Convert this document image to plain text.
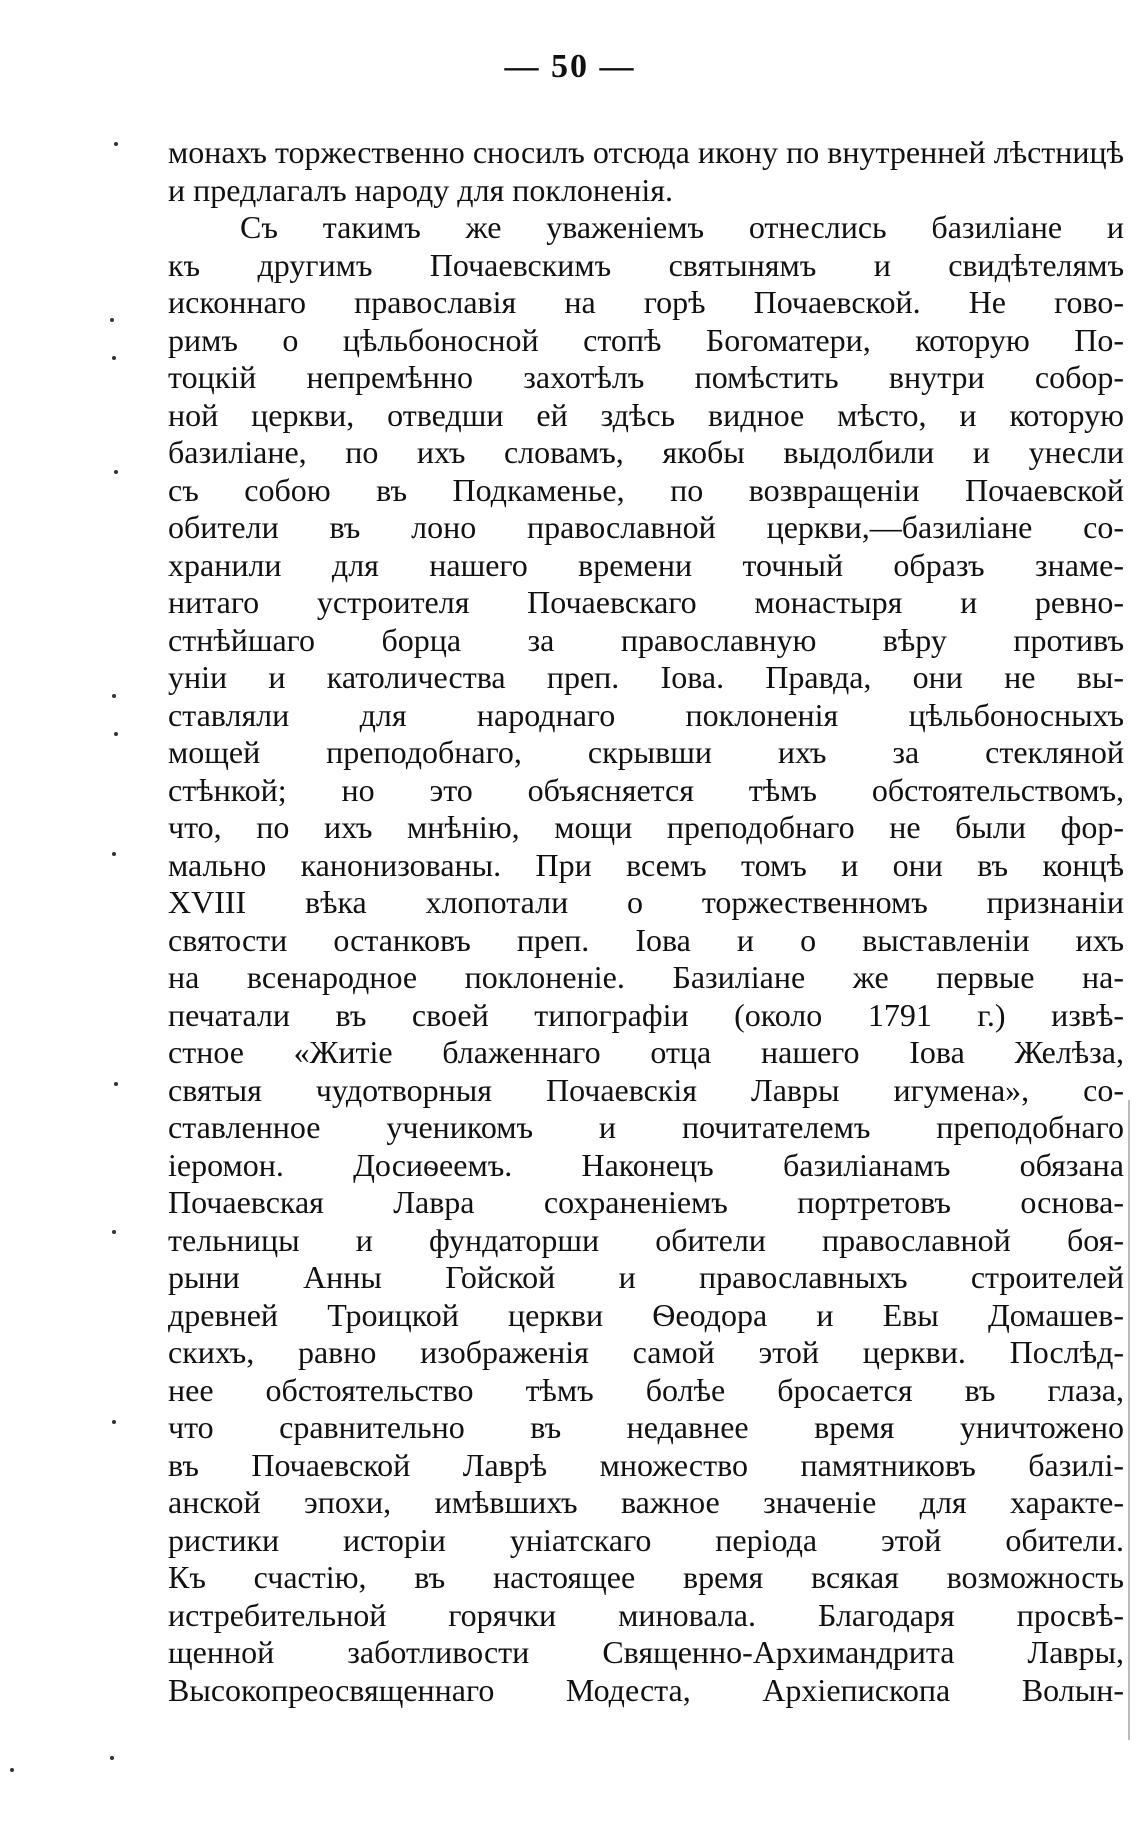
— 50 —
монахъ торжественно сносилъ отсюда икону по внутренней лѣстницѣ и предлагалъ народу для поклоненія.
Съ такимъ же уваженіемъ отнеслись базиліане и
къ другимъ Почаевскимъ святынямъ и свидѣтелямъ
исконнаго православія на горѣ Почаевской. Не гово-
римъ о цѣльбоносной стопѣ Богоматери, которую По-
тоцкій непремѣнно захотѣлъ помѣстить внутри собор-
ной церкви, отведши ей здѣсь видное мѣсто, и которую
базиліане, по ихъ словамъ, якобы выдолбили и унесли
съ собою въ Подкаменье, по возвращеніи Почаевской
обители въ лоно православной церкви,—базиліане со-
хранили для нашего времени точный образъ знаме-
нитаго устроителя Почаевскаго монастыря и ревно-
стнѣйшаго борца за православную вѣру противъ
уніи и католичества преп. Іова. Правда, они не вы-
ставляли для народнаго поклоненія цѣльбоносныхъ
мощей преподобнаго, скрывши ихъ за стекляной
стѣнкой; но это объясняется тѣмъ обстоятельствомъ,
что, по ихъ мнѣнію, мощи преподобнаго не были фор-
мально канонизованы. При всемъ томъ и они въ концѣ
XVIII вѣка хлопотали о торжественномъ признаніи
святости останковъ преп. Іова и о выставленіи ихъ
на всенародное поклоненіе. Базиліане же первые на-
печатали въ своей типографіи (около 1791 г.) извѣ-
стное «Житіе блаженнаго отца нашего Іова Желѣза,
святыя чудотворныя Почаевскія Лавры игумена», со-
ставленное ученикомъ и почитателемъ преподобнаго
іеромон. Досиѳеемъ. Наконецъ базиліанамъ обязана
Почаевская Лавра сохраненіемъ портретовъ основа-
тельницы и фундаторши обители православной боя-
рыни Анны Гойской и православныхъ строителей
древней Троицкой церкви Ѳеодора и Евы Домашев-
скихъ, равно изображенія самой этой церкви. Послѣд-
нее обстоятельство тѣмъ болѣе бросается въ глаза,
что сравнительно въ недавнее время уничтожено
въ Почаевской Лаврѣ множество памятниковъ базилі-
анской эпохи, имѣвшихъ важное значеніе для характе-
ристики исторіи уніатскаго періода этой обители.
Къ счастію, въ настоящее время всякая возможность
истребительной горячки миновала. Благодаря просвѣ-
щенной заботливости Священно-Архимандрита Лавры,
Высокопреосвященнаго Модеста, Архіепископа Волын-
